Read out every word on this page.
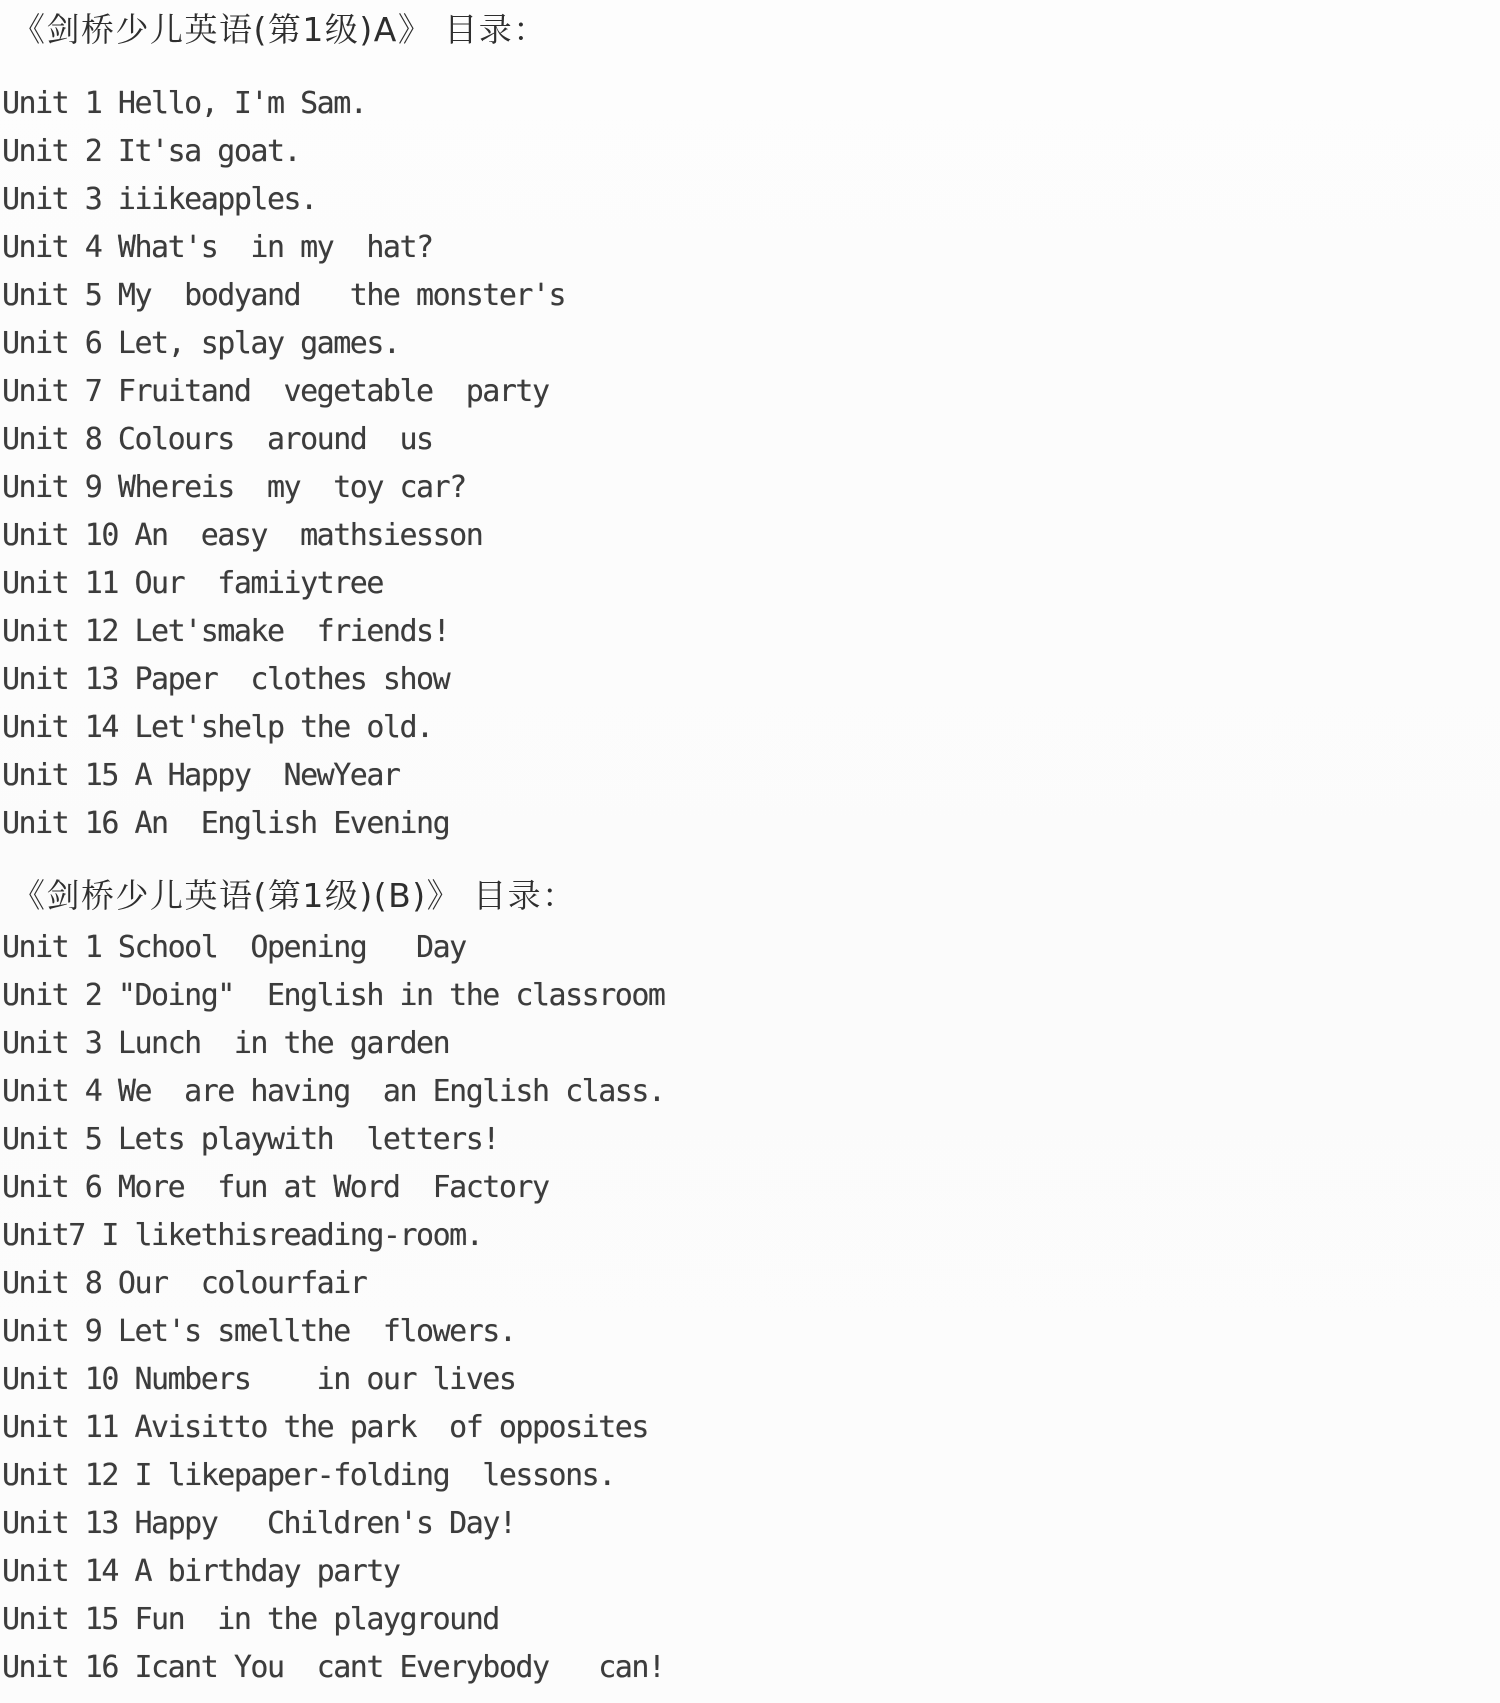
《剑桥少儿英语(第1级)A》 目录：
Unit 1 Hello, I'm Sam.
Unit 2 It'sa goat.
Unit 3 iiikeapples.
Unit 4 What's  in my  hat?
Unit 5 My  bodyand   the monster's
Unit 6 Let, splay games.
Unit 7 Fruitand  vegetable  party
Unit 8 Colours  around  us
Unit 9 Whereis  my  toy car?
Unit 10 An  easy  mathsiesson
Unit 11 Our  famiiytree
Unit 12 Let'smake  friends!
Unit 13 Paper  clothes show
Unit 14 Let'shelp the old.
Unit 15 A Happy  NewYear
Unit 16 An  English Evening
《剑桥少儿英语(第1级)(B)》 目录：
Unit 1 School  Opening   Day
Unit 2 "Doing"  English in the classroom
Unit 3 Lunch  in the garden
Unit 4 We  are having  an English class.
Unit 5 Lets playwith  letters!
Unit 6 More  fun at Word  Factory
Unit7 I likethisreading-room.
Unit 8 Our  colourfair
Unit 9 Let's smellthe  flowers.
Unit 10 Numbers    in our lives
Unit 11 Avisitto the park  of opposites
Unit 12 I likepaper-folding  lessons.
Unit 13 Happy   Children's Day!
Unit 14 A birthday party
Unit 15 Fun  in the playground
Unit 16 Icant You  cant Everybody   can!
